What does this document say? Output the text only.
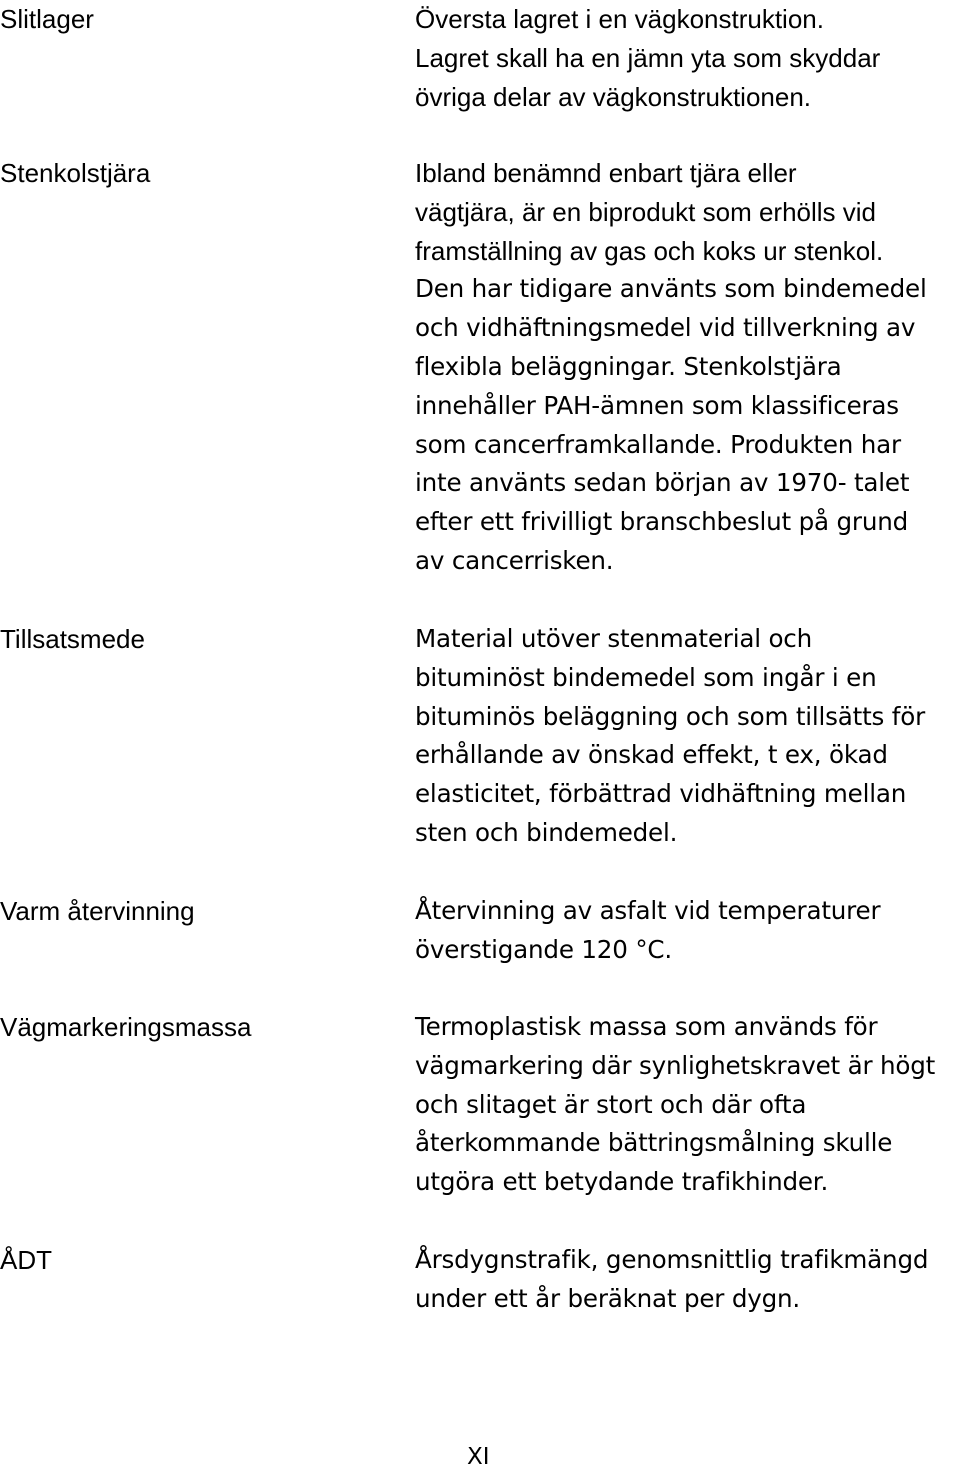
Slitlager	Översta lagret i en vägkonstruktion.
Lagret skall ha en jämn yta som skyddar
övriga delar av vägkonstruktionen.
Stenkolstjära	Ibland benämnd enbart tjära eller
vägtjära, är en biprodukt som erhölls vid
framställning av gas och koks ur stenkol.
Den har tidigare använts som bindemedel
och vidhäftningsmedel vid tillverkning av
flexibla beläggningar. Stenkolstjära
innehåller PAH-ämnen som klassificeras
som cancerframkallande. Produkten har
inte använts sedan början av 1970- talet
efter ett frivilligt branschbeslut på grund
av cancerrisken.
Tillsatsmede	Material utöver stenmaterial och
bituminöst bindemedel som ingår i en
bituminös beläggning och som tillsätts för
erhållande av önskad effekt, t ex, ökad
elasticitet, förbättrad vidhäftning mellan
sten och bindemedel.
Varm återvinning	Återvinning av asfalt vid temperaturer
överstigande 120 °C.
Vägmarkeringsmassa	Termoplastisk massa som används för
vägmarkering där synlighetskravet är högt
och slitaget är stort och där ofta
återkommande bättringsmålning skulle
utgöra ett betydande trafikhinder.
ÅDT	Årsdygnstrafik, genomsnittlig trafikmängd
under ett år beräknat per dygn.
XI
